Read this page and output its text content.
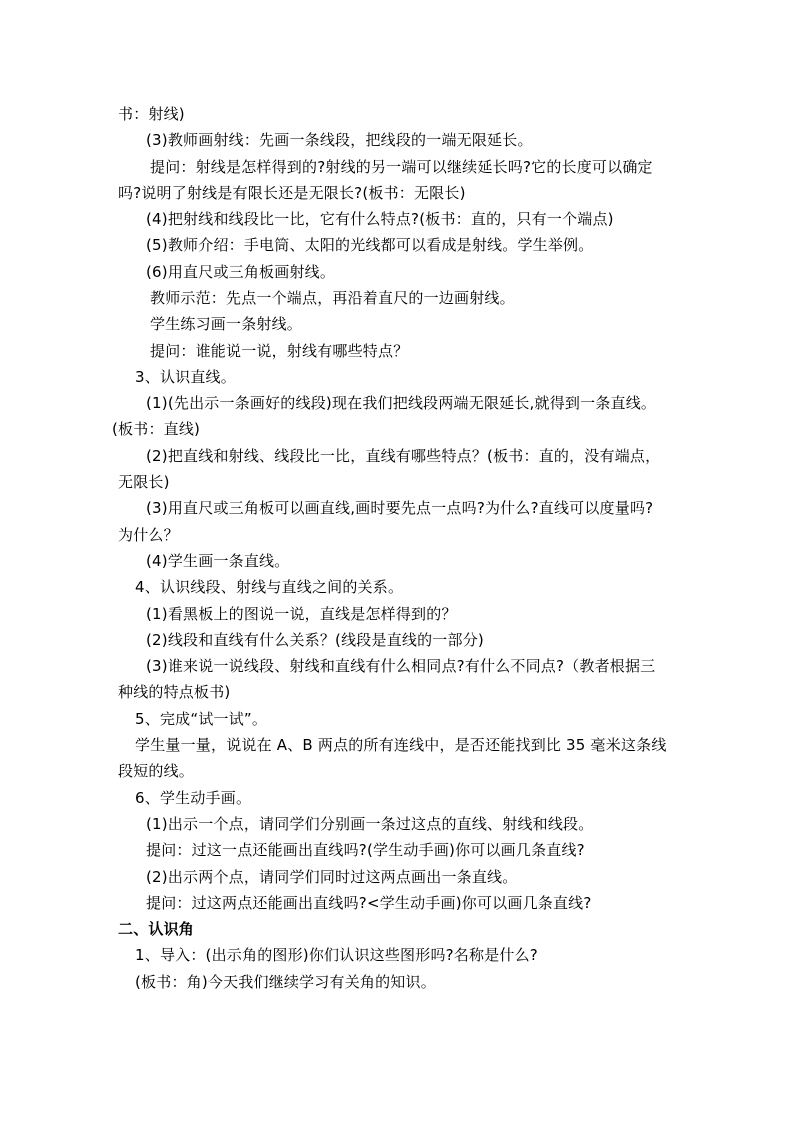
书：射线)
(3)教师画射线：先画一条线段，把线段的一端无限延长。
提问：射线是怎样得到的?射线的另一端可以继续延长吗?它的长度可以确定
吗?说明了射线是有限长还是无限长?(板书：无限长)
(4)把射线和线段比一比，它有什么特点?(板书：直的，只有一个端点)
(5)教师介绍：手电筒、太阳的光线都可以看成是射线。学生举例。
(6)用直尺或三角板画射线。
教师示范：先点一个端点，再沿着直尺的一边画射线。
学生练习画一条射线。
提问：谁能说一说，射线有哪些特点？
3、认识直线。
(1)(先出示一条画好的线段)现在我们把线段两端无限延长,就得到一条直线。
(板书：直线)
(2)把直线和射线、线段比一比，直线有哪些特点？(板书：直的，没有端点，
无限长)
(3)用直尺或三角板可以画直线,画时要先点一点吗?为什么?直线可以度量吗?
为什么？
(4)学生画一条直线。
4、认识线段、射线与直线之间的关系。
(1)看黑板上的图说一说，直线是怎样得到的？
(2)线段和直线有什么关系？(线段是直线的一部分)
(3)谁来说一说线段、射线和直线有什么相同点?有什么不同点?（教者根据三
种线的特点板书)
5、完成“试一试”。
学生量一量，说说在 A、B 两点的所有连线中，是否还能找到比 35 毫米这条线
段短的线。
6、学生动手画。
(1)出示一个点，请同学们分别画一条过这点的直线、射线和线段。
提问：过这一点还能画出直线吗?(学生动手画)你可以画几条直线?
(2)出示两个点，请同学们同时过这两点画出一条直线。
提问：过这两点还能画出直线吗?<学生动手画)你可以画几条直线?
二、认识角
1、导入：(出示角的图形)你们认识这些图形吗?名称是什么?
(板书：角)今天我们继续学习有关角的知识。
